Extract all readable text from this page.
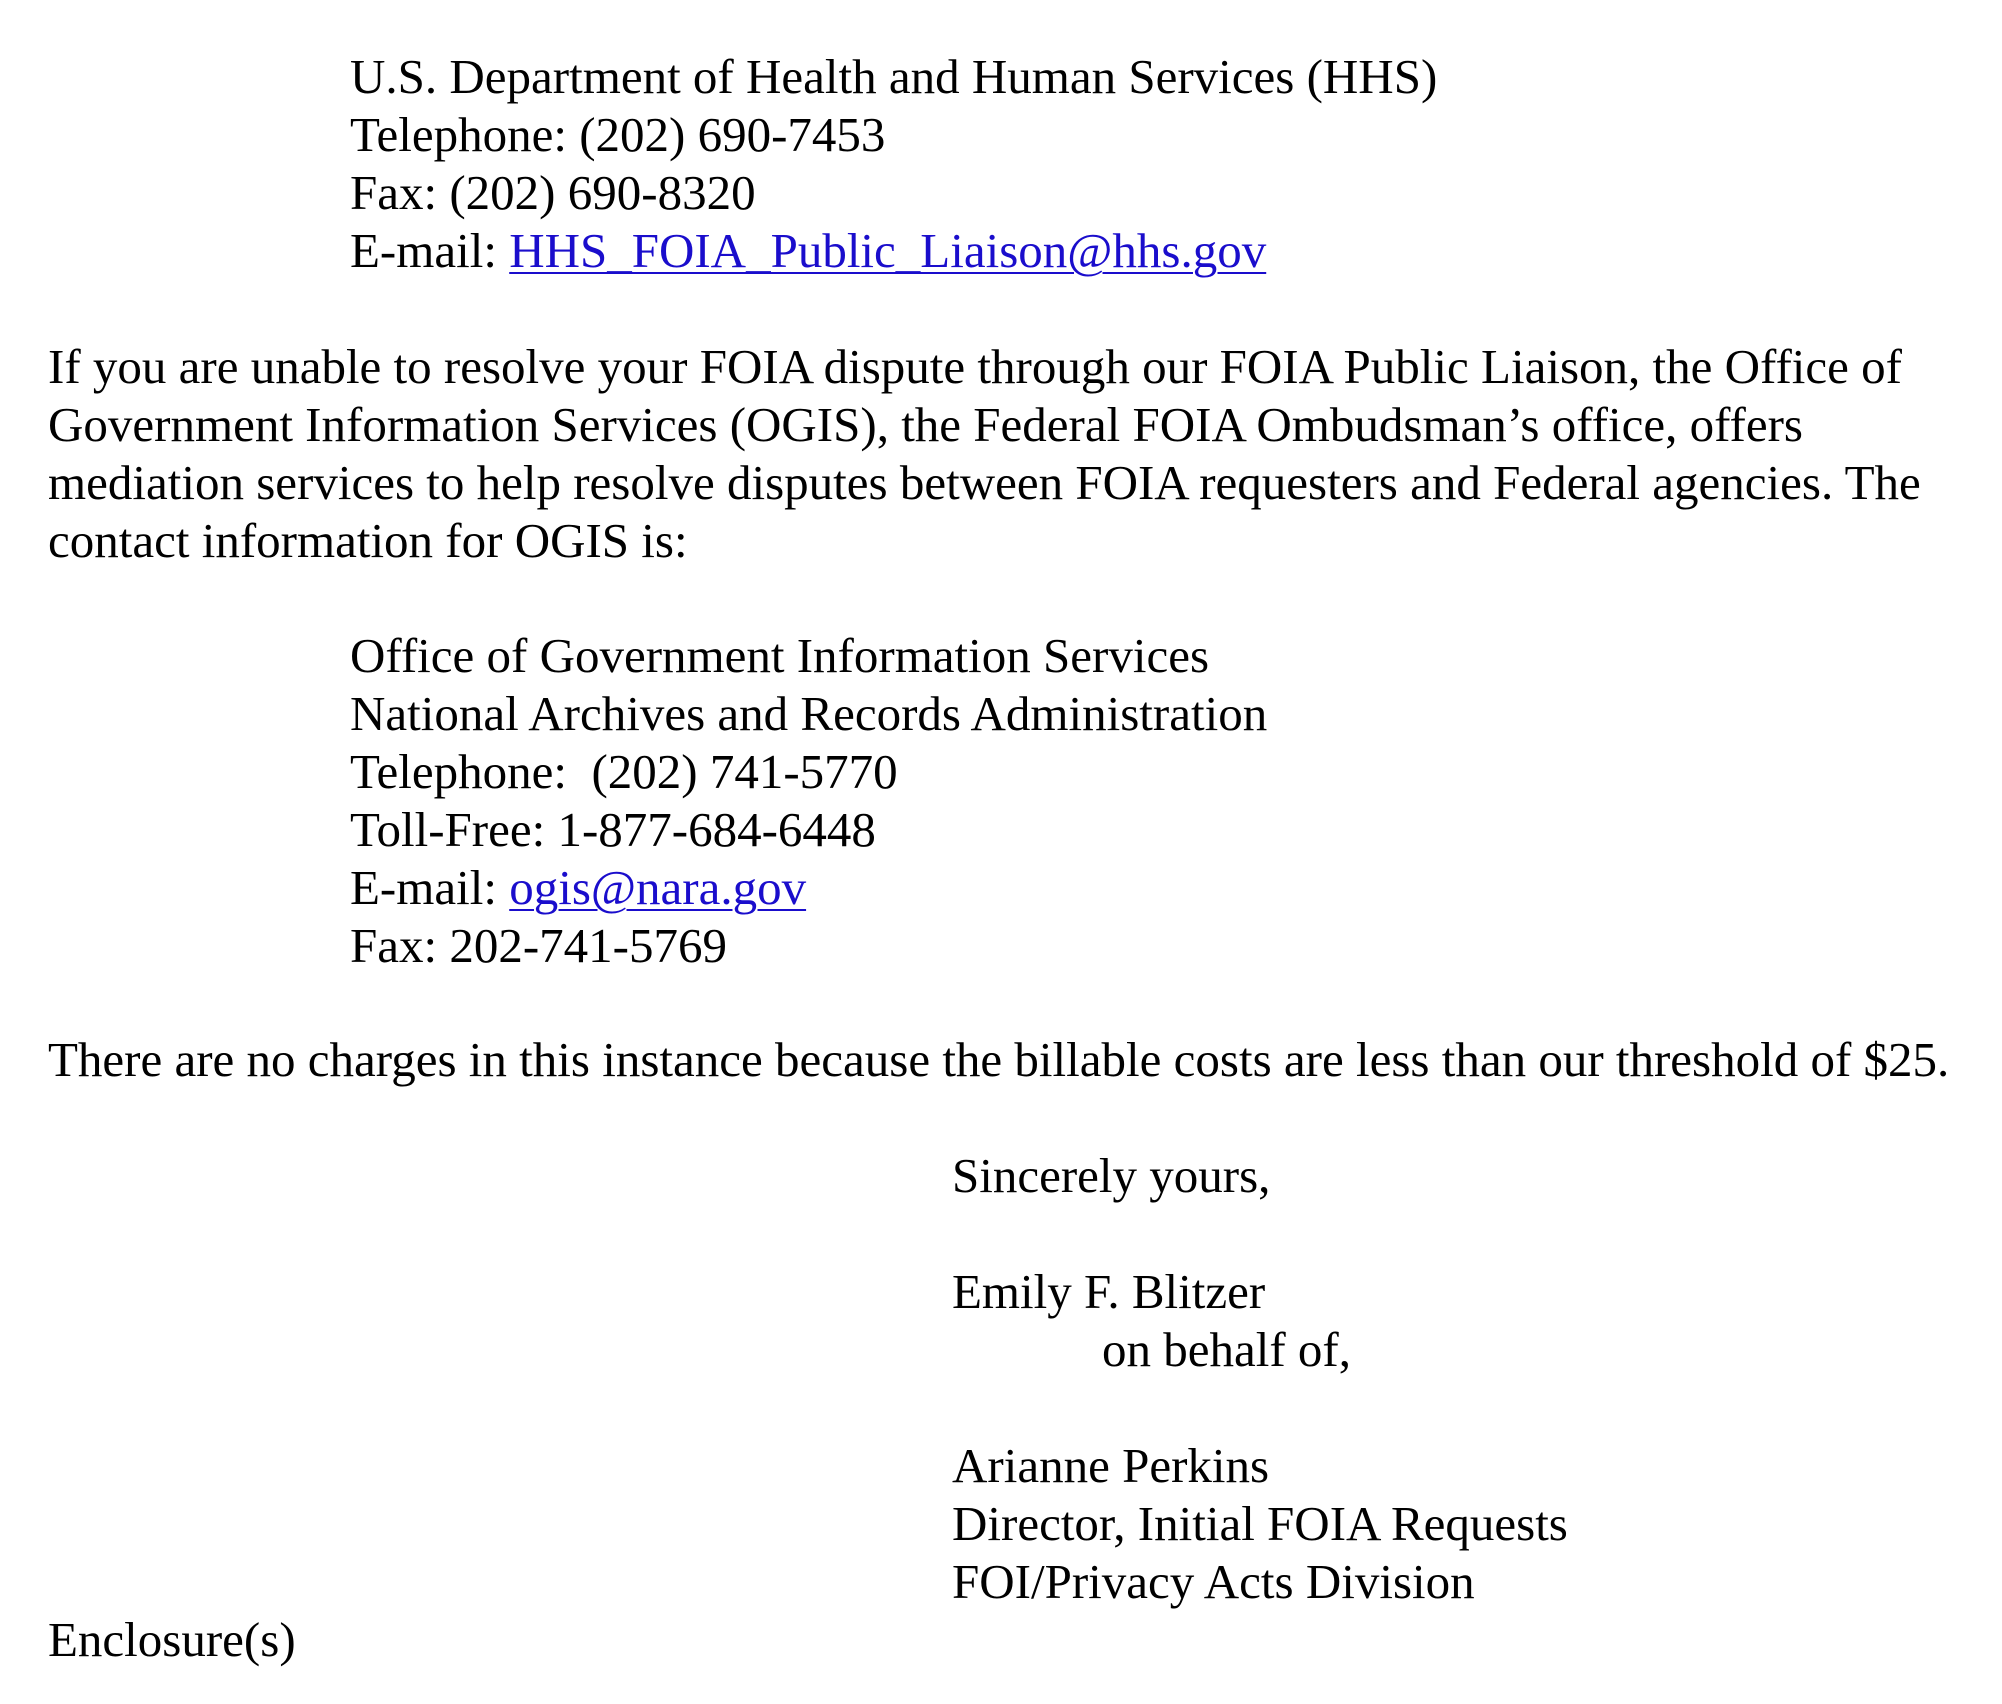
U.S. Department of Health and Human Services (HHS)

Telephone: (202) 690-7453

Fax: (202) 690-8320

E-mail: HHS_FOIA_Public_Liaison@hhs.gov

If you are unable to resolve your FOIA dispute through our FOIA Public Liaison, the Office of

Government Information Services (OGIS), the Federal FOIA Ombudsman’s office, offers

mediation services to help resolve disputes between FOIA requesters and Federal agencies. The

contact information for OGIS is:

Office of Government Information Services

National Archives and Records Administration

Telephone:  (202) 741-5770

Toll-Free: 1-877-684-6448

E-mail: ogis@nara.gov

Fax: 202-741-5769

There are no charges in this instance because the billable costs are less than our threshold of $25.

Sincerely yours,

Emily F. Blitzer

on behalf of,

Arianne Perkins

Director, Initial FOIA Requests

FOI/Privacy Acts Division

Enclosure(s)
